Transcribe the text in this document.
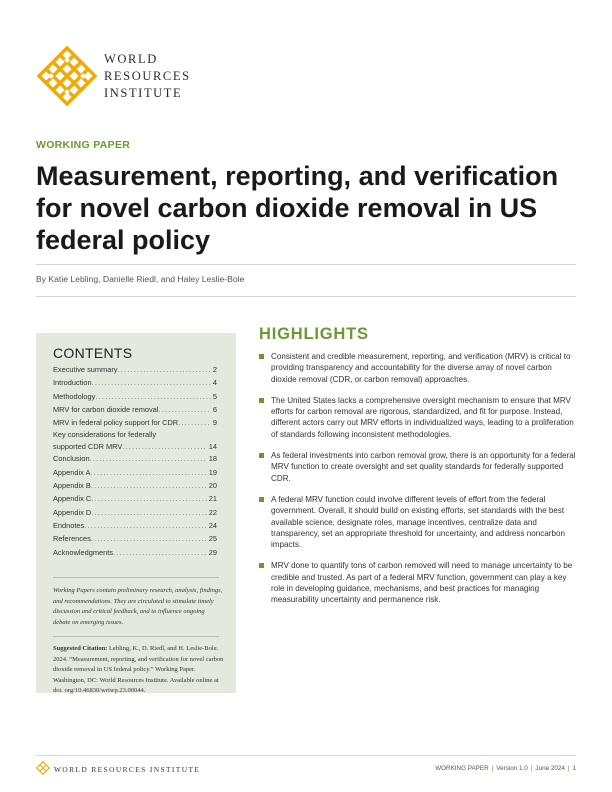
WORLD
RESOURCES
INSTITUTE
WORKING PAPER
Measurement, reporting, and verification
for novel carbon dioxide removal in US
federal policy
By Katie Lebling, Danielle Riedl, and Haley Leslie-Bole
CONTENTS
Executive summary .....	2
Introduction .....	4
Methodology .....	5
MRV for carbon dioxide removal .....	6
MRV in federal policy support for CDR .....	9
Key considerations for federally
supported CDR MRV .....	14
Conclusion .....	18
Appendix A .....	19
Appendix B .....	20
Appendix C .....	21
Appendix D .....	22
Endnotes .....	24
References .....	25
Acknowledgments .....	29
Working Papers contain preliminary research, analysis, findings, and recommendations. They are circulated to stimulate timely discussion and critical feedback, and to influence ongoing debate on emerging issues.
Suggested Citation: Lebling, K., D. Riedl, and H. Leslie-Bole. 2024. “Measurement, reporting, and verification for novel carbon dioxide removal in US federal policy.” Working Paper. Washington, DC: World Resources Institute. Available online at doi. org/10.46830/wriwp.23.00044.
HIGHLIGHTS
Consistent and credible measurement, reporting, and verification (MRV) is critical to providing transparency and accountability for the diverse array of novel carbon dioxide removal (CDR, or carbon removal) approaches.
The United States lacks a comprehensive oversight mechanism to ensure that MRV efforts for carbon removal are rigorous, standardized, and fit for purpose. Instead, different actors carry out MRV efforts in individualized ways, leading to a proliferation of standards following inconsistent methodologies.
As federal investments into carbon removal grow, there is an opportunity for a federal MRV function to create oversight and set quality standards for federally supported CDR.
A federal MRV function could involve different levels of effort from the federal government. Overall, it should build on existing efforts, set standards with the best available science, designate roles, manage incentives, centralize data and transparency, set an appropriate threshold for uncertainty, and address noncarbon impacts.
MRV done to quantify tons of carbon removed will need to manage uncertainty to be credible and trusted. As part of a federal MRV function, government can play a key role in developing guidance, mechanisms, and best practices for managing measurability uncertainty and permanence risk.
WORLD RESOURCES INSTITUTE	WORKING PAPER | Version 1.0 | June 2024 | 1
